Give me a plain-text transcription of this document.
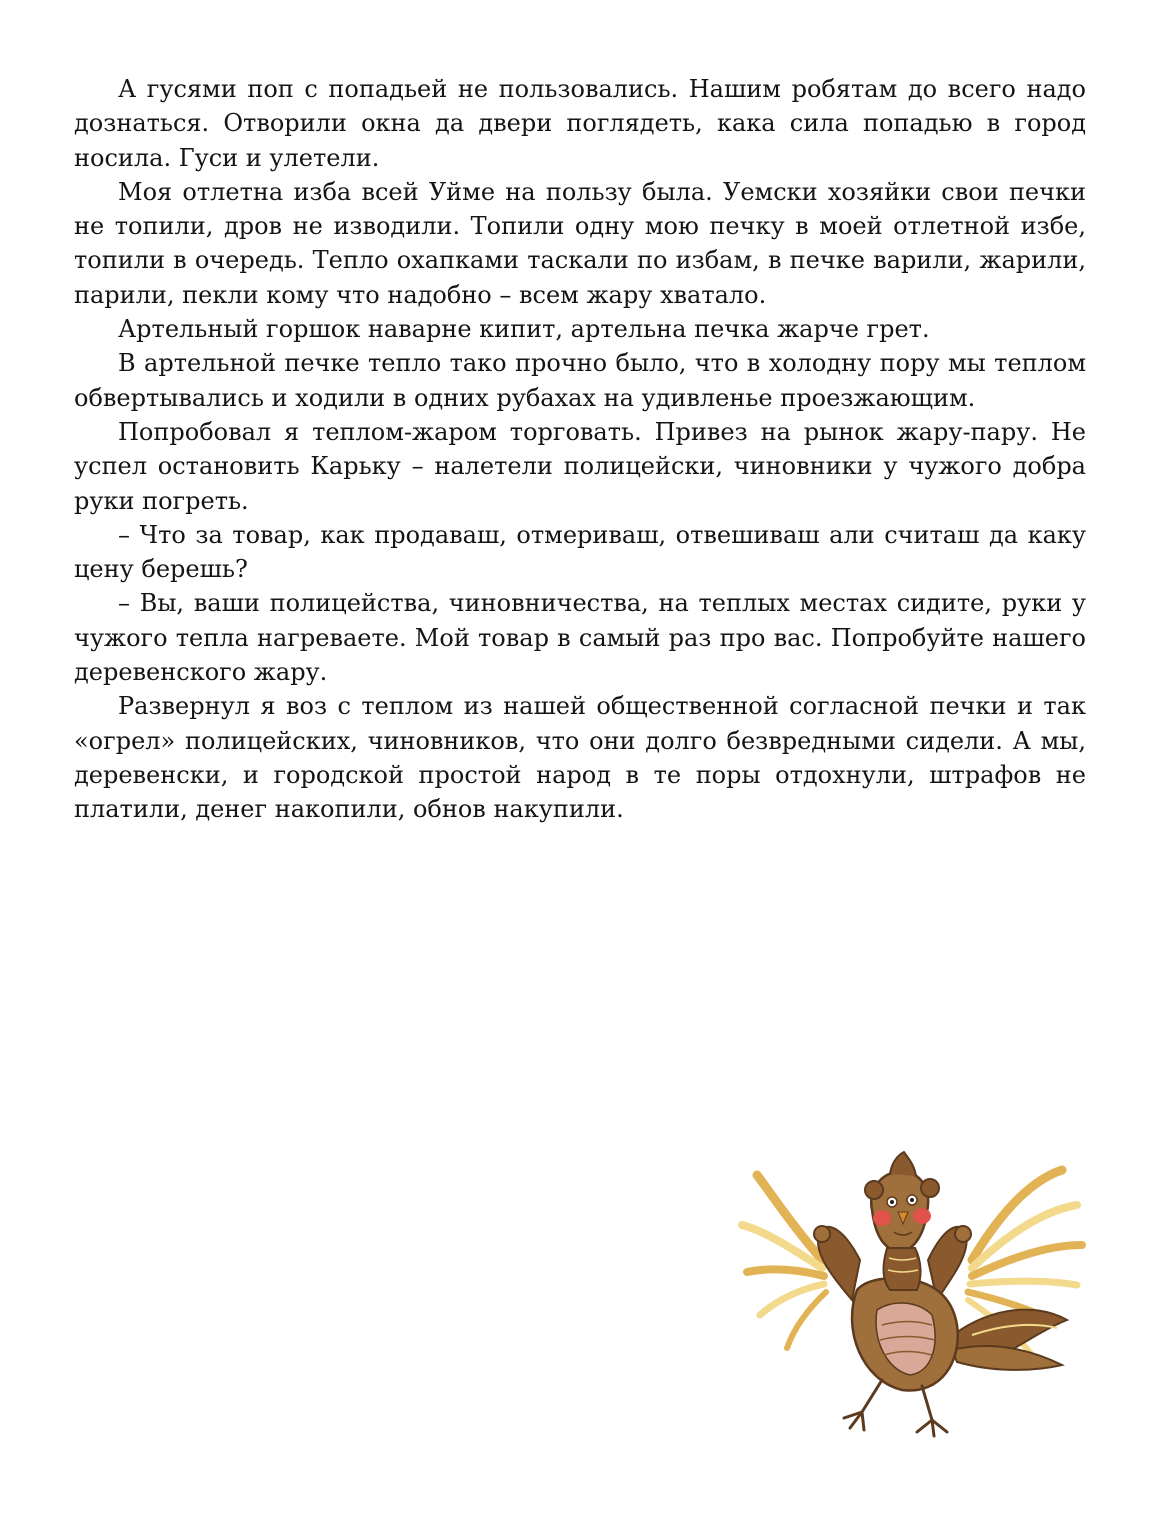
А гусями поп с попадьей не пользовались. Нашим робятам до всего надо дознаться. Отворили окна да двери поглядеть, кака сила попадью в город носила. Гуси и улетели.

Моя отлетна изба всей Уйме на пользу была. Уемски хозяйки свои печки не топили, дров не изводили. Топили одну мою печку в моей отлетной избе, топили в очередь. Тепло охапками таскали по избам, в печке варили, жарили, парили, пекли кому что надобно – всем жару хватало.

Артельный горшок наварне кипит, артельна печка жарче грет.

В артельной печке тепло тако прочно было, что в холодну пору мы теплом обвертывались и ходили в одних рубахах на удивленье проезжающим.

Попробовал я теплом-жаром торговать. Привез на рынок жару-пару. Не успел остановить Карьку – налетели полицейски, чиновники у чужого добра руки погреть.

– Что за товар, как продаваш, отмериваш, отвешиваш али считаш да каку цену берешь?

– Вы, ваши полицейства, чиновничества, на теплых местах сидите, руки у чужого тепла нагреваете. Мой товар в самый раз про вас. Попробуйте нашего деревенского жару.

Развернул я воз с теплом из нашей общественной согласной печки и так «огрел» полицейских, чиновников, что они долго безвредными сидели. А мы, деревенски, и городской простой народ в те поры отдохнули, штрафов не платили, денег накопили, обнов накупили.
